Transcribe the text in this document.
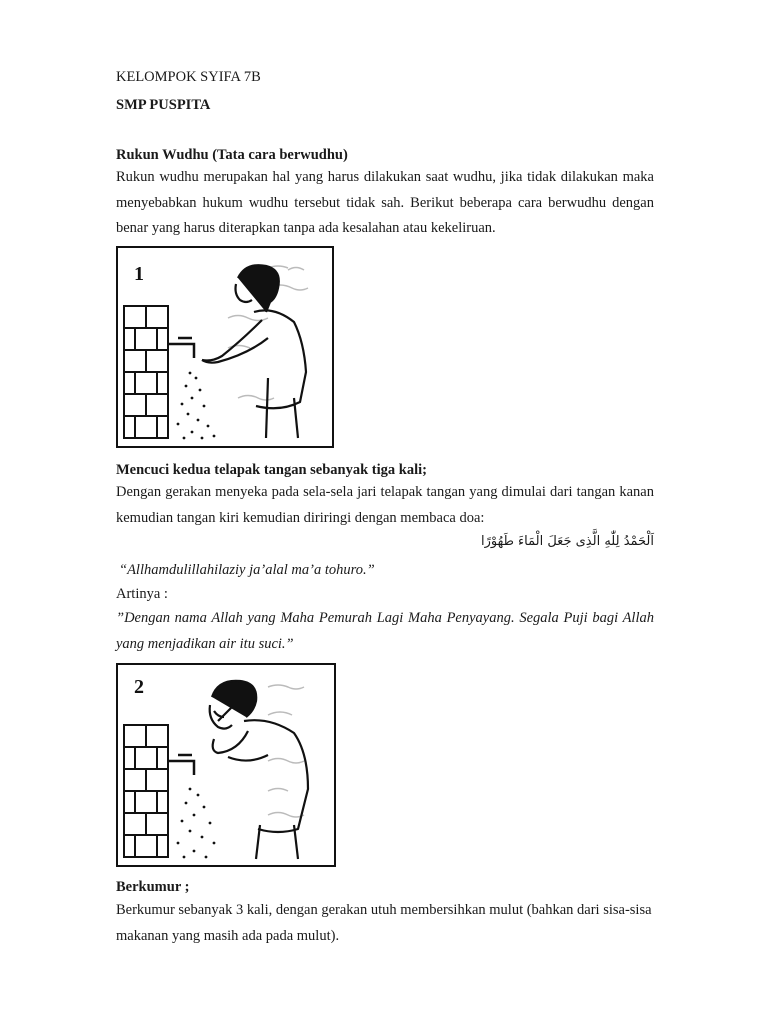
KELOMPOK SYIFA 7B
SMP PUSPITA
Rukun Wudhu (Tata cara berwudhu)
Rukun wudhu merupakan hal yang harus dilakukan saat wudhu, jika tidak dilakukan maka menyebabkan hukum wudhu tersebut tidak sah. Berikut beberapa cara berwudhu dengan benar yang harus diterapkan tanpa ada kesalahan atau kekeliruan.
1
Mencuci kedua telapak tangan sebanyak tiga kali;
Dengan gerakan menyeka pada sela-sela jari telapak tangan yang dimulai dari tangan kanan kemudian tangan kiri kemudian diriringi dengan membaca doa:
اَلْحَمْدُ لِلّٰهِ الَّذِى جَعَلَ الْمَاءَ طَهُوْرًا
“Allhamdulillahilaziy ja’alal ma’a tohuro.”
Artinya :
”Dengan nama Allah yang Maha Pemurah Lagi Maha Penyayang. Segala Puji bagi Allah yang menjadikan air itu suci.”
2
Berkumur ;
Berkumur sebanyak 3 kali, dengan gerakan utuh membersihkan mulut (bahkan dari sisa-sisa makanan yang masih ada pada mulut).
